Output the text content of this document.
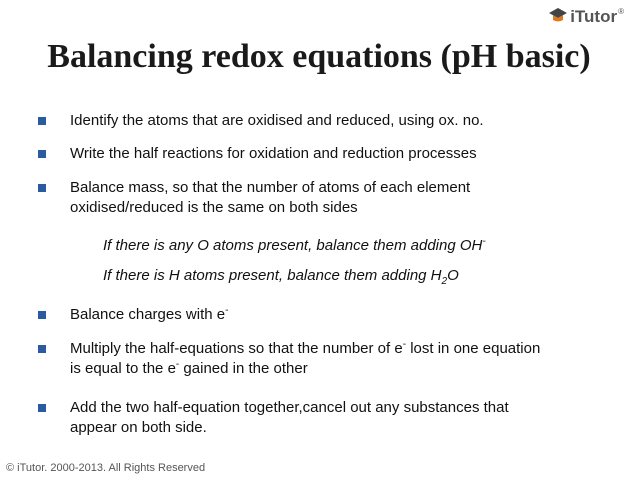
iTutor ®
Balancing redox equations (pH basic)
Identify the atoms that are oxidised and reduced, using ox. no.
Write the half reactions for oxidation and reduction processes
Balance mass, so that the number of atoms of each element
oxidised/reduced is the same on both sides
If there is any O atoms present, balance them adding OH-
If there is H atoms present, balance them adding $H_2O$
Balance charges with e-
Multiply the half-equations so that the number of e- lost in one equation
is equal to the e- gained in the other
Add the two half-equation together,cancel out any substances that
appear on both side.
© iTutor. 2000-2013. All Rights Reserved
